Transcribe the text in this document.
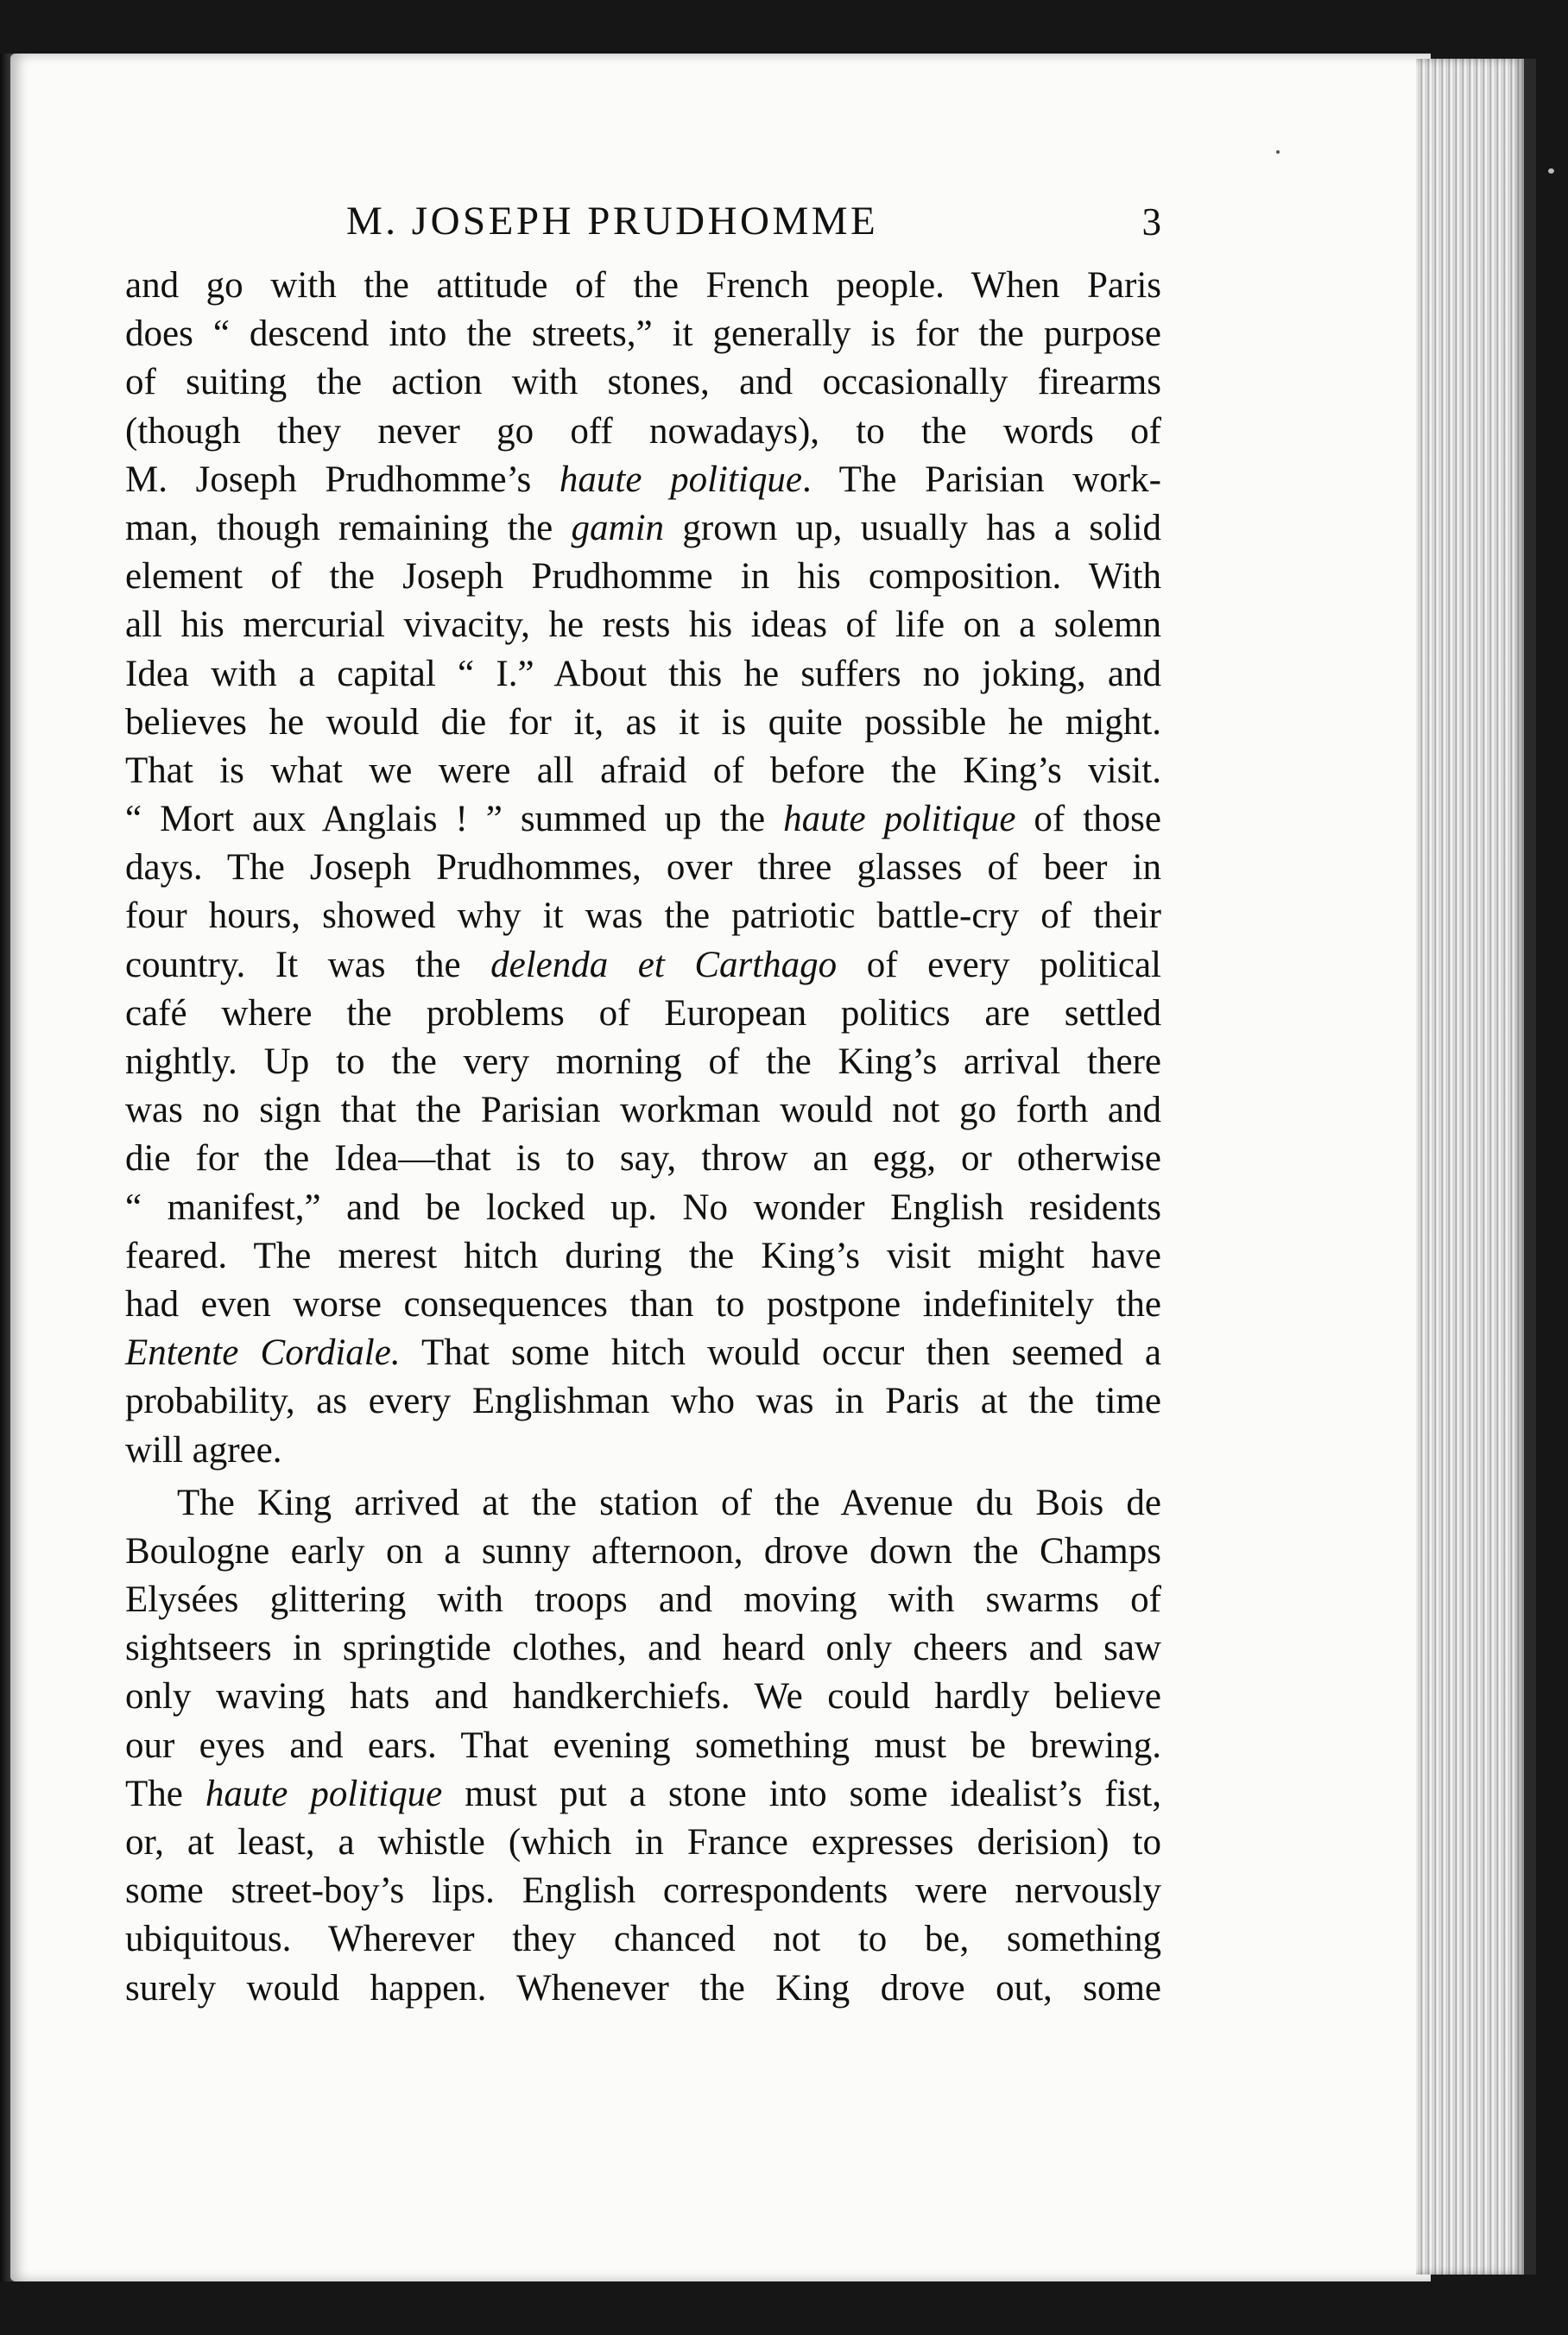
M. JOSEPH PRUDHOMME	3
and go with the attitude of the French people. When Paris
does “ descend into the streets,” it generally is for the purpose
of suiting the action with stones, and occasionally firearms
(though they never go off nowadays), to the words of
M. Joseph Prudhomme’s haute politique. The Parisian work-
man, though remaining the gamin grown up, usually has a solid
element of the Joseph Prudhomme in his composition. With
all his mercurial vivacity, he rests his ideas of life on a solemn
Idea with a capital “ I.” About this he suffers no joking, and
believes he would die for it, as it is quite possible he might.
That is what we were all afraid of before the King’s visit.
“ Mort aux Anglais ! ” summed up the haute politique of those
days. The Joseph Prudhommes, over three glasses of beer in
four hours, showed why it was the patriotic battle-cry of their
country. It was the delenda et Carthago of every political
café where the problems of European politics are settled
nightly. Up to the very morning of the King’s arrival there
was no sign that the Parisian workman would not go forth and
die for the Idea—that is to say, throw an egg, or otherwise
“ manifest,” and be locked up. No wonder English residents
feared. The merest hitch during the King’s visit might have
had even worse consequences than to postpone indefinitely the
Entente Cordiale. That some hitch would occur then seemed a
probability, as every Englishman who was in Paris at the time
will agree.
The King arrived at the station of the Avenue du Bois de
Boulogne early on a sunny afternoon, drove down the Champs
Elysées glittering with troops and moving with swarms of
sightseers in springtide clothes, and heard only cheers and saw
only waving hats and handkerchiefs. We could hardly believe
our eyes and ears. That evening something must be brewing.
The haute politique must put a stone into some idealist’s fist,
or, at least, a whistle (which in France expresses derision) to
some street-boy’s lips. English correspondents were nervously
ubiquitous. Wherever they chanced not to be, something
surely would happen. Whenever the King drove out, some
